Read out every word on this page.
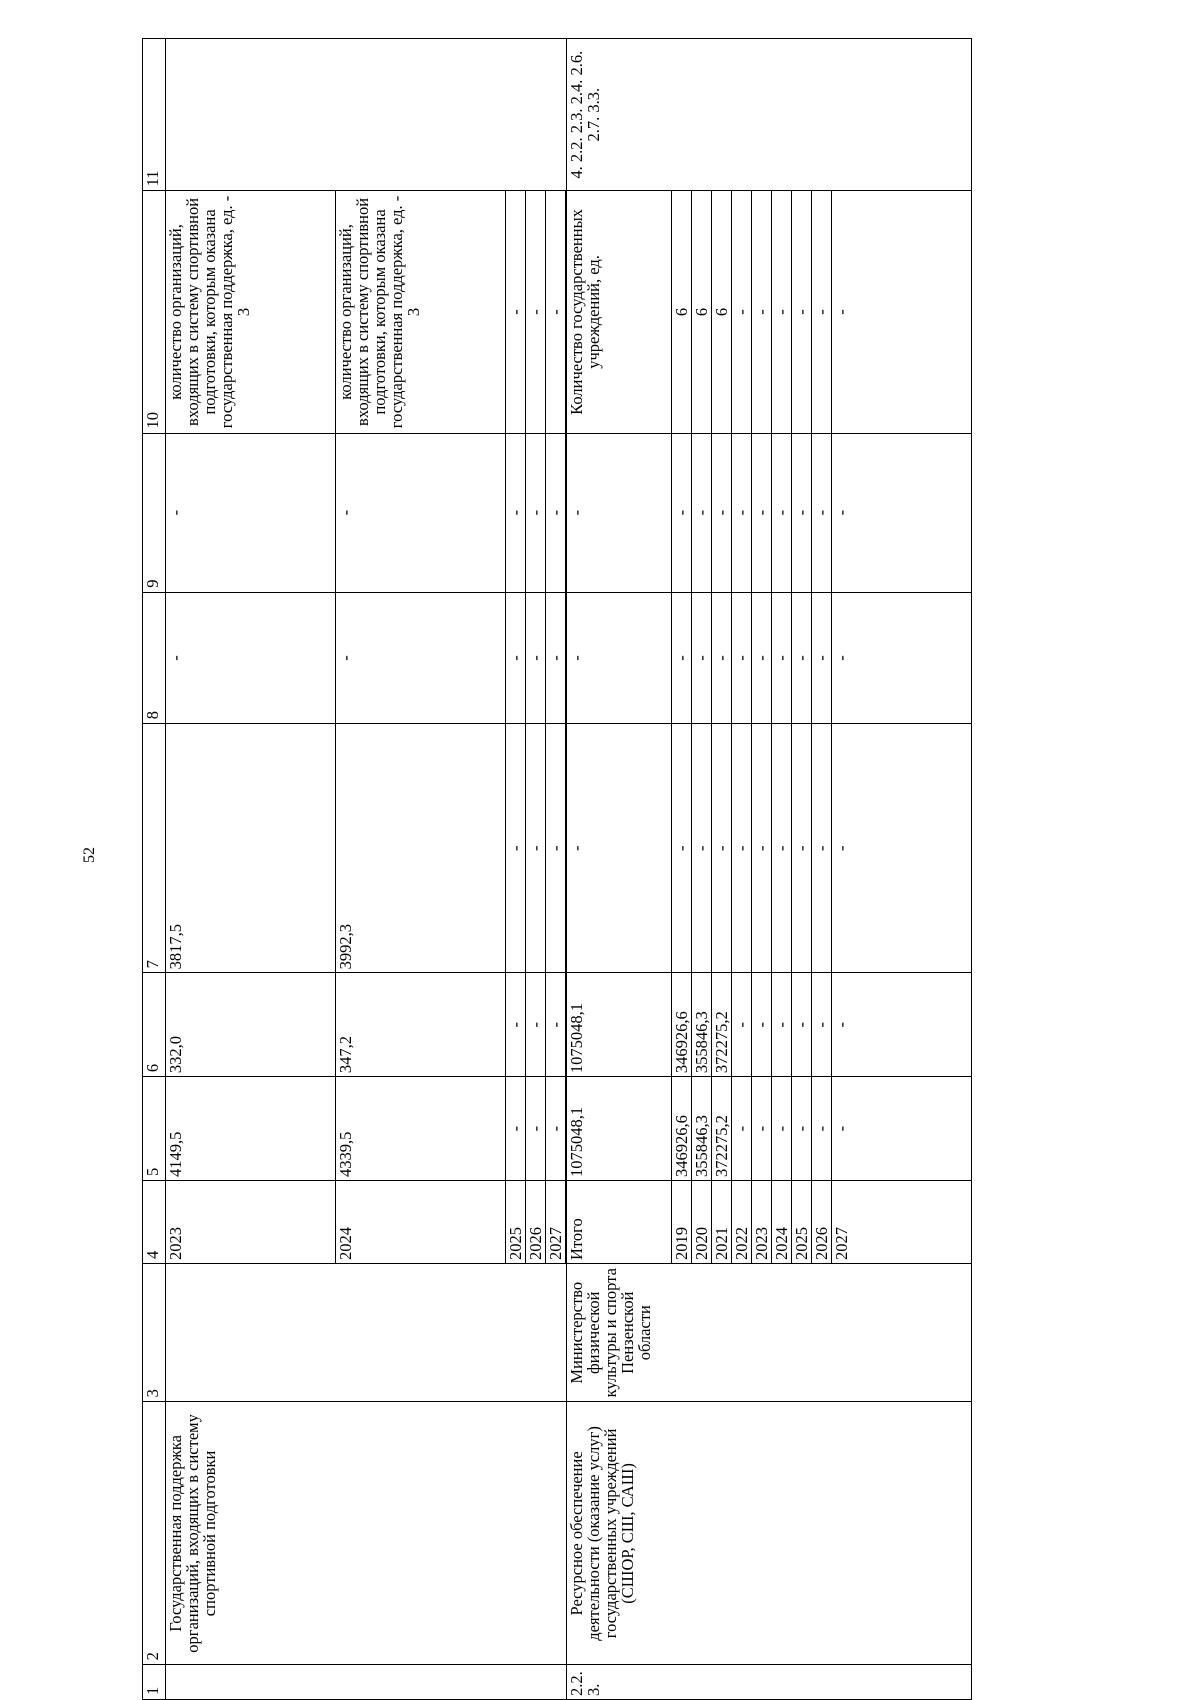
52
1	2	3	4	5	6	7	8	9	10	11
	Государственная поддержка организаций, входящих в систему спортивной подготовки		2023	4149,5	332,0	3817,5	-	-	количество организаций, входящих в систему спортивной подготовки, которым оказана государственная поддержка, ед. - 3	
			2024	4339,5	347,2	3992,3	-	-	количество организаций, входящих в систему спортивной подготовки, которым оказана государственная поддержка, ед. - 3	
			2025	-	-	-	-	-	-	
			2026	-	-	-	-	-	-	
			2027	-	-	-	-	-	-	
2.2.3.	Ресурсное обеспечение деятельности (оказание услуг) государственных учреждений (СШОР, СШ, САШ)	Министерство физической культуры и спорта Пензенской области	Итого	1075048,1	1075048,1	-	-	-	Количество государственных учреждений, ед.	4. 2.2. 2.3. 2.4. 2.6. 2.7. 3.3.
			2019	346926,6	346926,6	-	-	-	6	
			2020	355846,3	355846,3	-	-	-	6	
			2021	372275,2	372275,2	-	-	-	6	
			2022	-	-	-	-	-	-	
			2023	-	-	-	-	-	-	
			2024	-	-	-	-	-	-	
			2025	-	-	-	-	-	-	
			2026	-	-	-	-	-	-	
			2027	-	-	-	-	-	-	
